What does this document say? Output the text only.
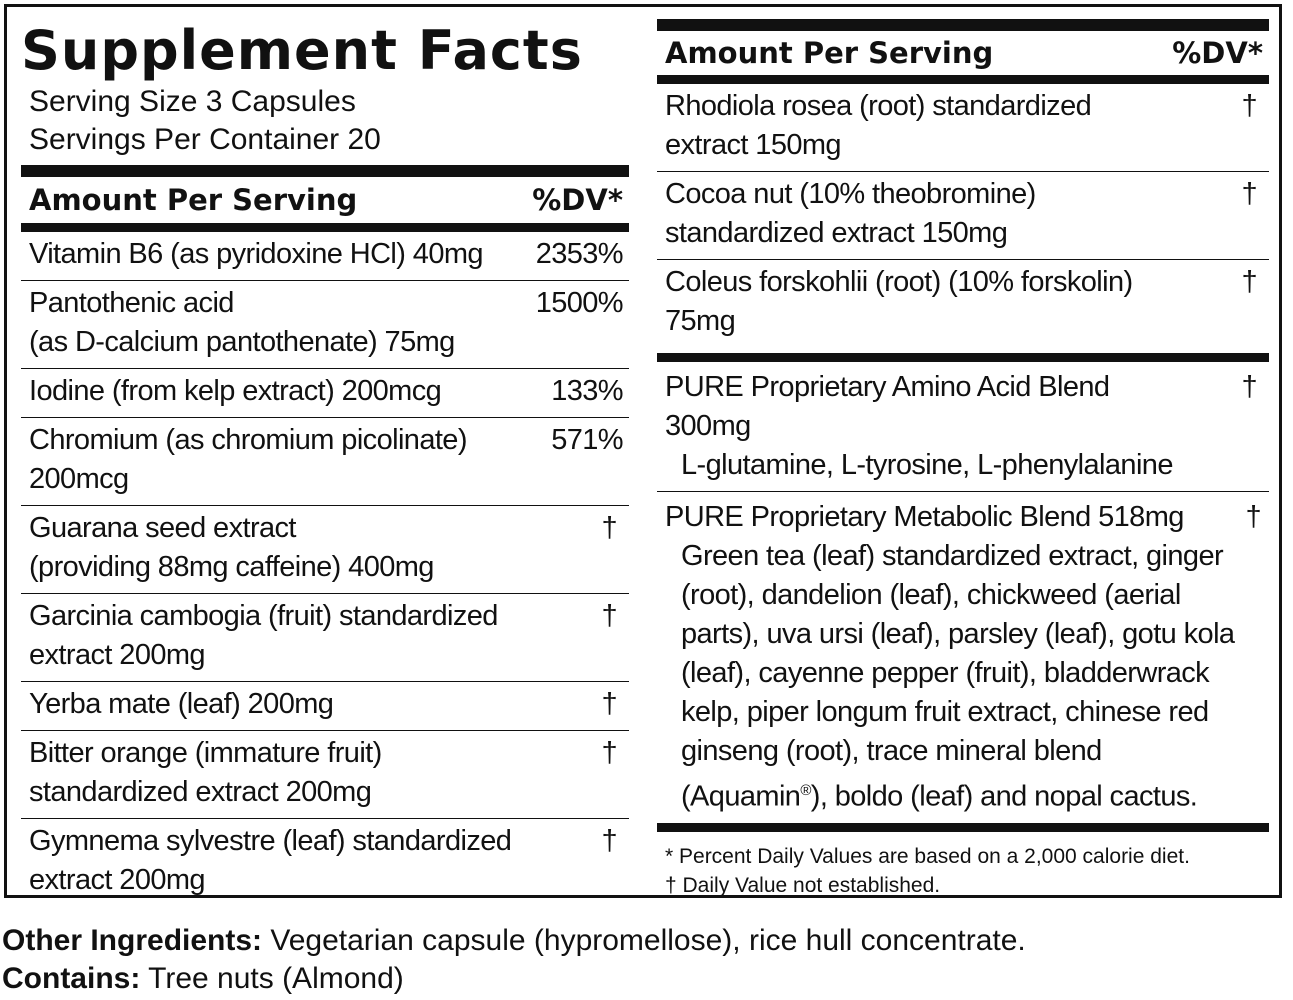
Supplement Facts
Serving Size 3 Capsules
Servings Per Container 20
Amount Per Serving	%DV*
Vitamin B6 (as pyridoxine HCl) 40mg	2353%
Pantothenic acid
(as D-calcium pantothenate) 75mg
1500%
Iodine (from kelp extract) 200mcg	133%
Chromium (as chromium picolinate)
200mcg
571%
Guarana seed extract
(providing 88mg caffeine) 400mg
†
Garcinia cambogia (fruit) standardized
extract 200mg
†
Yerba mate (leaf) 200mg	†
Bitter orange (immature fruit)
standardized extract 200mg
†
Gymnema sylvestre (leaf) standardized
extract 200mg
†
Amount Per Serving	%DV*
Rhodiola rosea (root) standardized
extract 150mg
†
Cocoa nut (10% theobromine)
standardized extract 150mg
†
Coleus forskohlii (root) (10% forskolin)
75mg
†
PURE Proprietary Amino Acid Blend
300mg
†
L-glutamine, L-tyrosine, L-phenylalanine
PURE Proprietary Metabolic Blend 518mg †
Green tea (leaf) standardized extract, ginger
(root), dandelion (leaf), chickweed (aerial
parts), uva ursi (leaf), parsley (leaf), gotu kola
(leaf), cayenne pepper (fruit), bladderwrack
kelp, piper longum fruit extract, chinese red
ginseng (root), trace mineral blend
(Aquamin®), boldo (leaf) and nopal cactus.
* Percent Daily Values are based on a 2,000 calorie diet.
† Daily Value not established.
Other Ingredients: Vegetarian capsule (hypromellose), rice hull concentrate.
Contains: Tree nuts (Almond)
